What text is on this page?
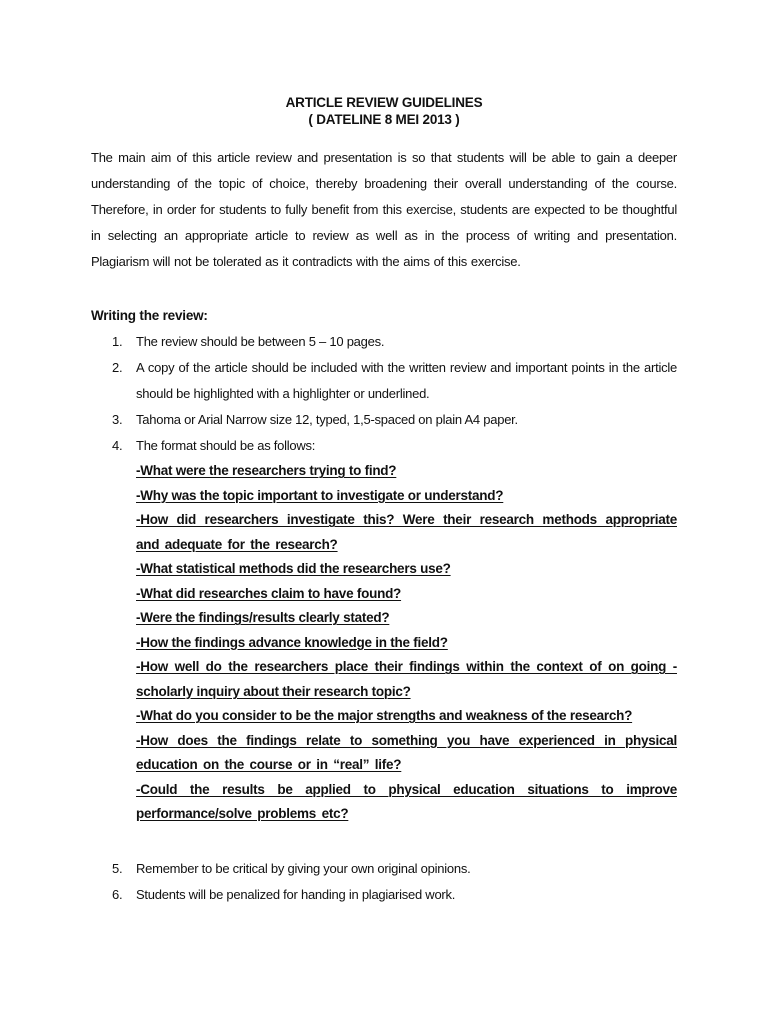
ARTICLE REVIEW GUIDELINES
( DATELINE 8 MEI 2013 )
The main aim of this article review and presentation is so that students will be able to gain a deeper understanding of the topic of choice, thereby broadening their overall understanding of the course. Therefore, in order for students to fully benefit from this exercise, students are expected to be thoughtful in selecting an appropriate article to review as well as in the process of writing and presentation. Plagiarism will not be tolerated as it contradicts with the aims of this exercise.
Writing the review:
1.	The review should be between 5 – 10 pages.
2.	A copy of the article should be included with the written review and important points in the article should be highlighted with a highlighter or underlined.
3.	Tahoma or Arial Narrow size 12, typed, 1,5-spaced on plain A4 paper.
4.	The format should be as follows:
-What were the researchers trying to find?
-Why was the topic important to investigate or understand?
-How did researchers investigate this? Were their research methods appropriate and adequate for the research?
-What statistical methods did the researchers use?
-What did researches claim to have found?
-Were the findings/results clearly stated?
-How the findings advance knowledge in the field?
-How well do the researchers place their findings within the context of on going -scholarly inquiry about their research topic?
-What do you consider to be the major strengths and weakness of the research?
-How does the findings relate to something you have experienced in physical education on the course or in “real” life?
-Could the results be applied to physical education situations to improve performance/solve problems etc?
5.	Remember to be critical by giving your own original opinions.
6.	Students will be penalized for handing in plagiarised work.
